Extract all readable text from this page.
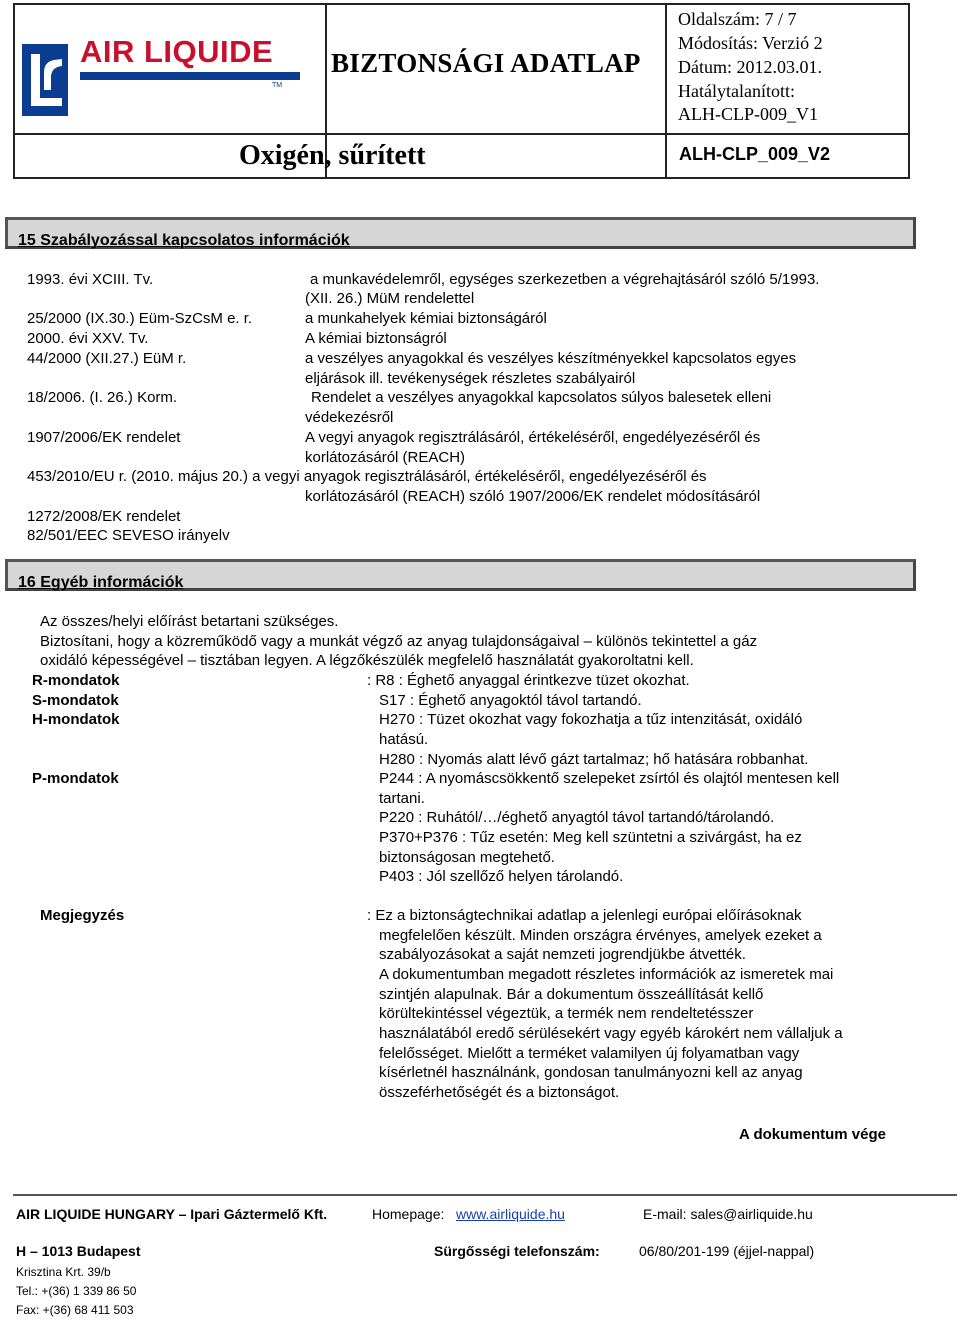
AIR LIQUIDE
TM
BIZTONSÁGI ADATLAP
Oldalszám: 7 / 7
Módosítás: Verzió 2
Dátum: 2012.03.01.
Hatálytalanított:
ALH-CLP-009_V1
Oxigén, sűrített	ALH-CLP_009_V2
15 Szabályozással kapcsolatos információk
1993. évi XCIII. Tv.	a munkavédelemről, egységes szerkezetben a végrehajtásáról szóló 5/1993.
(XII. 26.) MüM rendelettel
25/2000 (IX.30.) Eüm-SzCsM e. r.	a munkahelyek kémiai biztonságáról
2000. évi XXV. Tv.	A kémiai biztonságról
44/2000 (XII.27.) EüM r.	a veszélyes anyagokkal és veszélyes készítményekkel kapcsolatos egyes
eljárások ill. tevékenységek részletes szabályairól
18/2006. (I. 26.) Korm.	Rendelet a veszélyes anyagokkal kapcsolatos súlyos balesetek elleni
védekezésről
1907/2006/EK rendelet	A vegyi anyagok regisztrálásáról, értékeléséről, engedélyezéséről és
korlátozásáról (REACH)
453/2010/EU r. (2010. május 20.) a vegyi anyagok regisztrálásáról, értékeléséről, engedélyezéséről és
korlátozásáról (REACH) szóló 1907/2006/EK rendelet módosításáról
1272/2008/EK rendelet
82/501/EEC SEVESO irányelv
16 Egyéb információk
Az összes/helyi előírást betartani szükséges.
Biztosítani, hogy a közreműködő vagy a munkát végző az anyag tulajdonságaival – különös tekintettel a gáz
oxidáló képességével – tisztában legyen. A légzőkészülék megfelelő használatát gyakoroltatni kell.
R-mondatok	: R8 : Éghető anyaggal érintkezve tüzet okozhat.
S-mondatok	S17 : Éghető anyagoktól távol tartandó.
H-mondatok	H270 : Tüzet okozhat vagy fokozhatja a tűz intenzitását, oxidáló
hatású.
H280 : Nyomás alatt lévő gázt tartalmaz; hő hatására robbanhat.
P-mondatok	P244 : A nyomáscsökkentő szelepeket zsírtól és olajtól mentesen kell
tartani.
P220 : Ruhától/…/éghető anyagtól távol tartandó/tárolandó.
P370+P376 : Tűz esetén: Meg kell szüntetni a szivárgást, ha ez
biztonságosan megtehető.
P403 : Jól szellőző helyen tárolandó.
Megjegyzés	: Ez a biztonságtechnikai adatlap a jelenlegi európai előírásoknak
megfelelően készült. Minden országra érvényes, amelyek ezeket a
szabályozásokat a saját nemzeti jogrendjükbe átvették.
A dokumentumban megadott részletes információk az ismeretek mai
szintjén alapulnak. Bár a dokumentum összeállítását kellő
körültekintéssel végeztük, a termék nem rendeltetésszer
használatából eredő sérülésekért vagy egyéb károkért nem vállaljuk a
felelősséget. Mielőtt a terméket valamilyen új folyamatban vagy
kísérletnél használnánk, gondosan tanulmányozni kell az anyag
összeférhetőségét és a biztonságot.
A dokumentum vége
AIR LIQUIDE HUNGARY – Ipari Gáztermelő Kft.	Homepage: www.airliquide.hu	E-mail: sales@airliquide.hu
H – 1013 Budapest	Sürgősségi telefonszám:	06/80/201-199 (éjjel-nappal)
Krisztina Krt. 39/b
Tel.: +(36) 1 339 86 50
Fax: +(36) 68 411 503
